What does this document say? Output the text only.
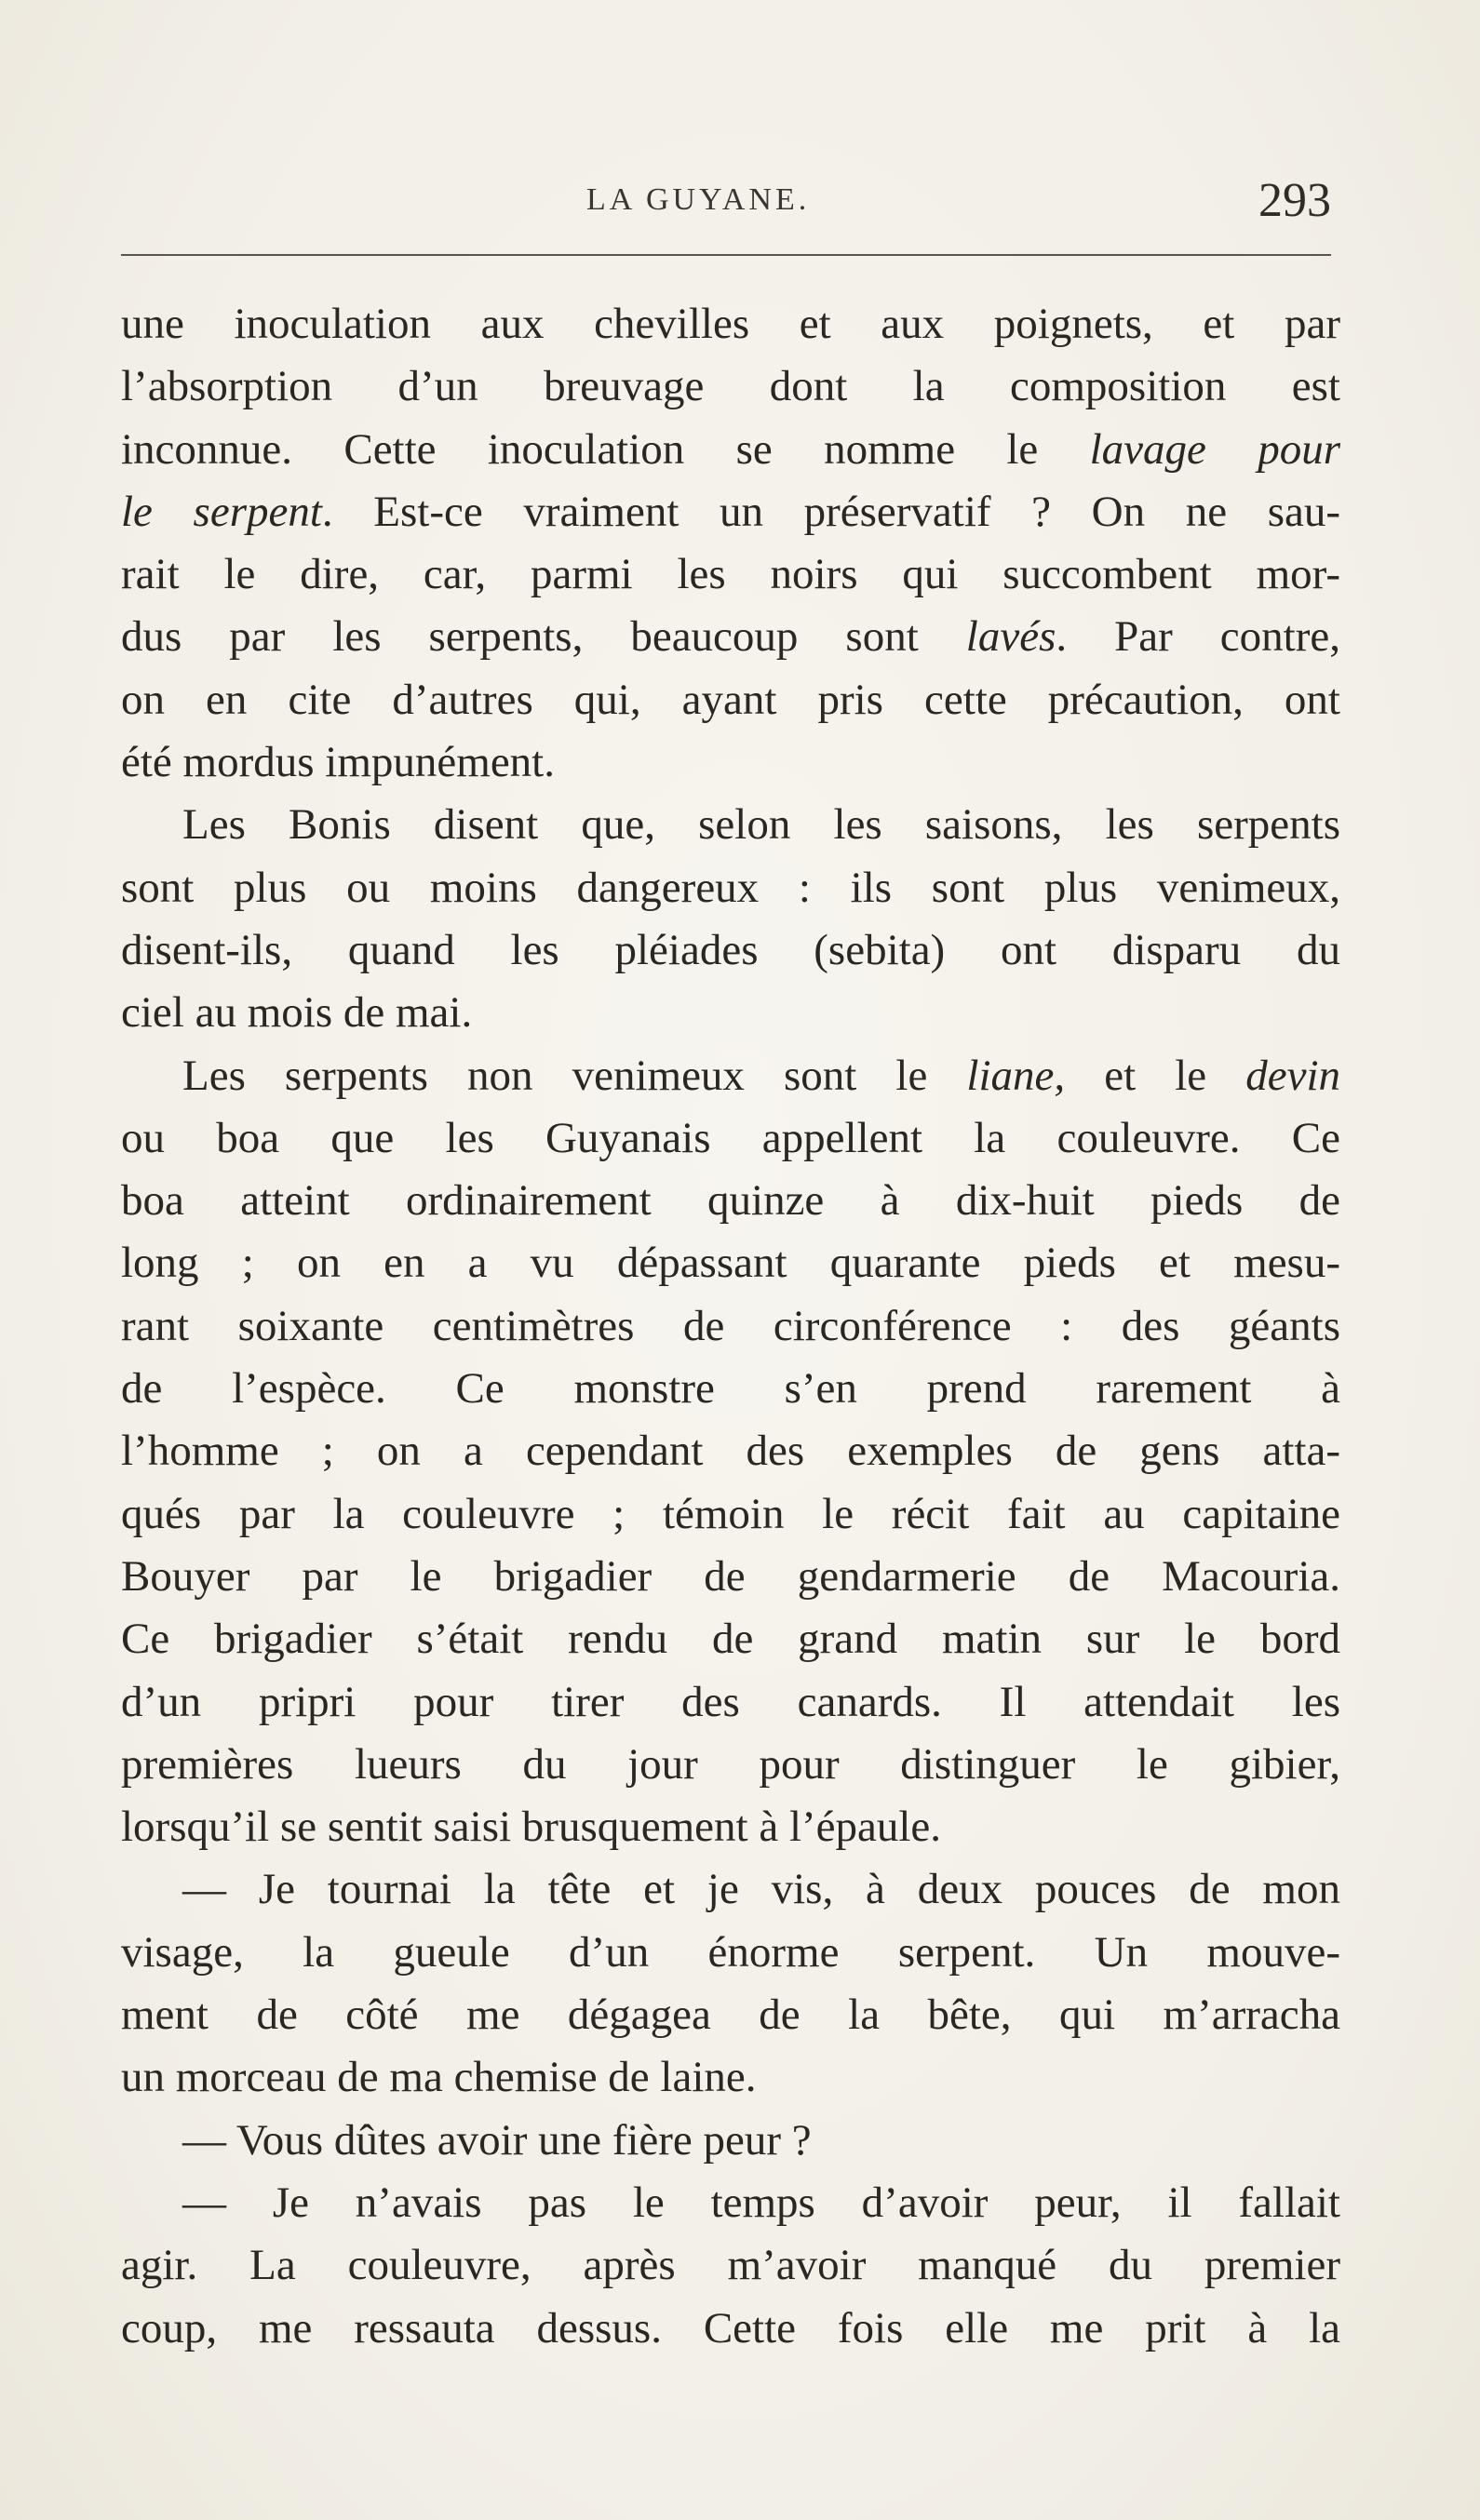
LA GUYANE.	293
une inoculation aux chevilles et aux poignets, et par
l’absorption d’un breuvage dont la composition est
inconnue. Cette inoculation se nomme le lavage pour
le serpent. Est-ce vraiment un préservatif ? On ne sau-
rait le dire, car, parmi les noirs qui succombent mor-
dus par les serpents, beaucoup sont lavés. Par contre,
on en cite d’autres qui, ayant pris cette précaution, ont
été mordus impunément.
Les Bonis disent que, selon les saisons, les serpents
sont plus ou moins dangereux : ils sont plus venimeux,
disent-ils, quand les pléiades (sebita) ont disparu du
ciel au mois de mai.
Les serpents non venimeux sont le liane, et le devin
ou boa que les Guyanais appellent la couleuvre. Ce
boa atteint ordinairement quinze à dix-huit pieds de
long ; on en a vu dépassant quarante pieds et mesu-
rant soixante centimètres de circonférence : des géants
de l’espèce. Ce monstre s’en prend rarement à
l’homme ; on a cependant des exemples de gens atta-
qués par la couleuvre ; témoin le récit fait au capitaine
Bouyer par le brigadier de gendarmerie de Macouria.
Ce brigadier s’était rendu de grand matin sur le bord
d’un pripri pour tirer des canards. Il attendait les
premières lueurs du jour pour distinguer le gibier,
lorsqu’il se sentit saisi brusquement à l’épaule.
— Je tournai la tête et je vis, à deux pouces de mon
visage, la gueule d’un énorme serpent. Un mouve-
ment de côté me dégagea de la bête, qui m’arracha
un morceau de ma chemise de laine.
— Vous dûtes avoir une fière peur ?
— Je n’avais pas le temps d’avoir peur, il fallait
agir. La couleuvre, après m’avoir manqué du premier
coup, me ressauta dessus. Cette fois elle me prit à la
